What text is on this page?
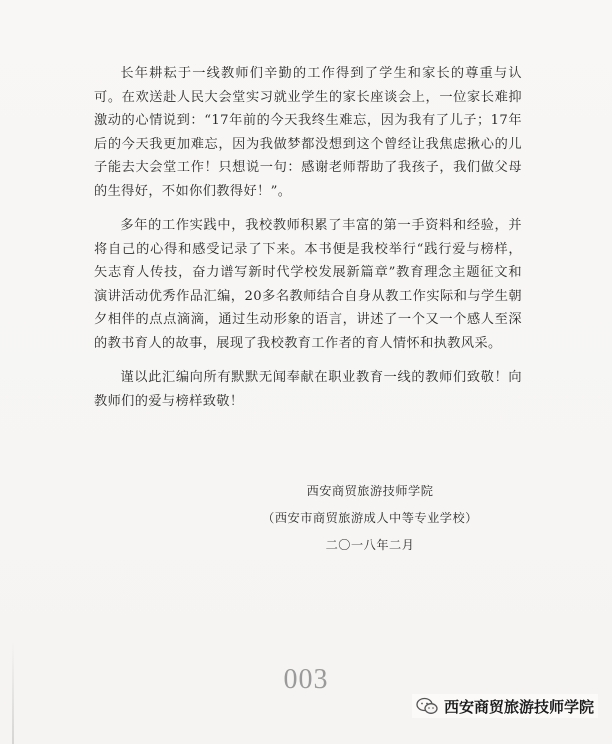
长年耕耘于一线教师们辛勤的工作得到了学生和家长的尊重与认可。在欢送赴人民大会堂实习就业学生的家长座谈会上，一位家长难抑激动的心情说到：“17年前的今天我终生难忘，因为我有了儿子；17年后的今天我更加难忘，因为我做梦都没想到这个曾经让我焦虑揪心的儿子能去大会堂工作！只想说一句：感谢老师帮助了我孩子，我们做父母的生得好，不如你们教得好！”。

多年的工作实践中，我校教师积累了丰富的第一手资料和经验，并将自己的心得和感受记录了下来。本书便是我校举行“践行爱与榜样，矢志育人传技，奋力谱写新时代学校发展新篇章”教育理念主题征文和演讲活动优秀作品汇编，20多名教师结合自身从教工作实际和与学生朝夕相伴的点点滴滴，通过生动形象的语言，讲述了一个又一个感人至深的教书育人的故事，展现了我校教育工作者的育人情怀和执教风采。

谨以此汇编向所有默默无闻奉献在职业教育一线的教师们致敬！向教师们的爱与榜样致敬！

西安商贸旅游技师学院
（西安市商贸旅游成人中等专业学校）
二〇一八年二月
003
西安商贸旅游技师学院
